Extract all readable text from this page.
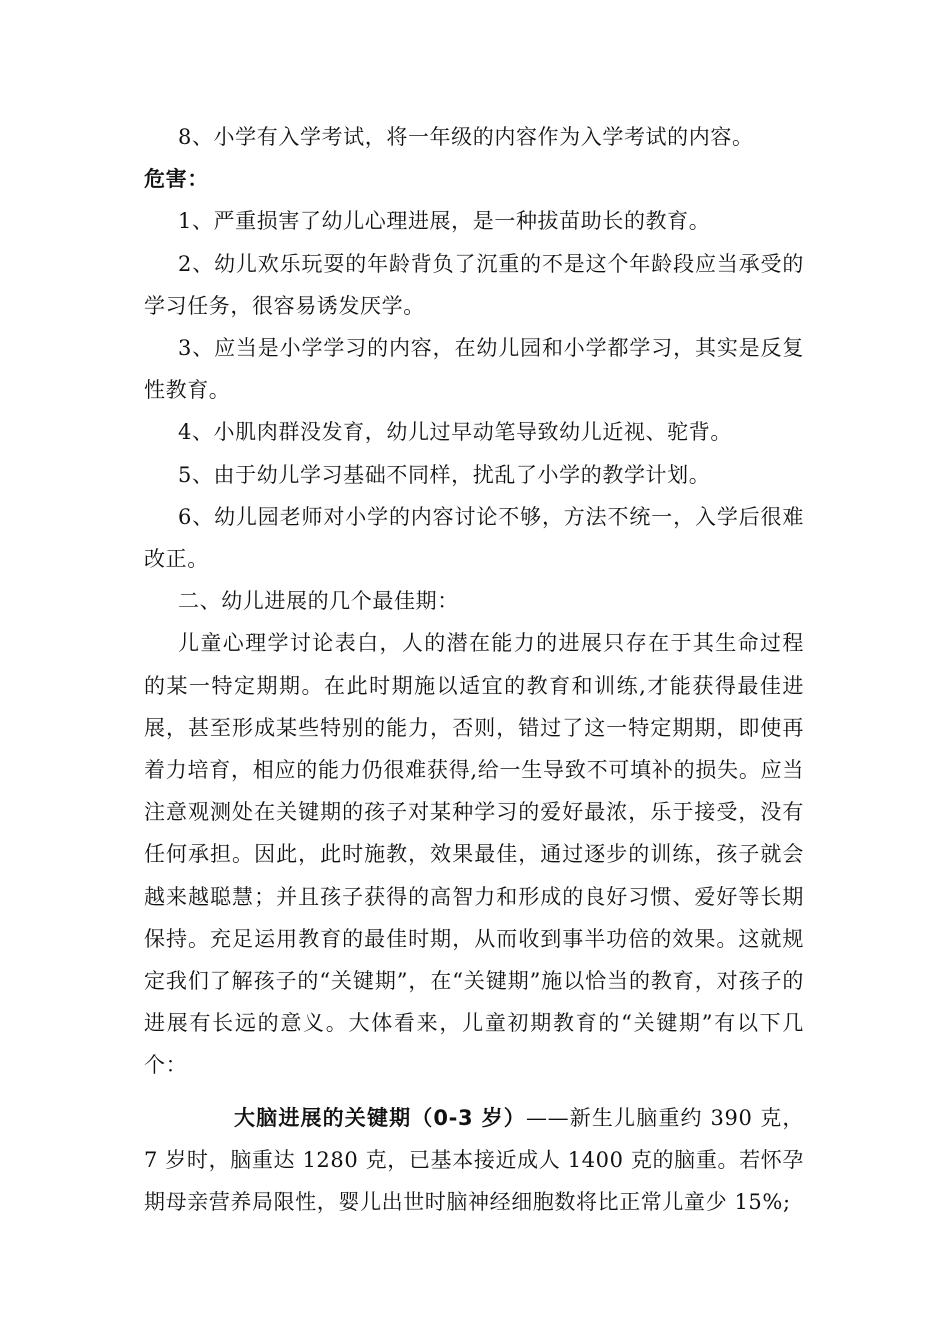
8、小学有入学考试，将一年级的内容作为入学考试的内容。

危害：

1、严重损害了幼儿心理进展，是一种拔苗助长的教育。

2、幼儿欢乐玩耍的年龄背负了沉重的不是这个年龄段应当承受的学习任务，很容易诱发厌学。

3、应当是小学学习的内容，在幼儿园和小学都学习，其实是反复性教育。

4、小肌肉群没发育，幼儿过早动笔导致幼儿近视、驼背。

5、由于幼儿学习基础不同样，扰乱了小学的教学计划。

6、幼儿园老师对小学的内容讨论不够，方法不统一，入学后很难改正。

二、幼儿进展的几个最佳期：

儿童心理学讨论表白，人的潜在能力的进展只存在于其生命过程的某一特定期期。在此时期施以适宜的教育和训练,才能获得最佳进展，甚至形成某些特别的能力，否则，错过了这一特定期期，即使再着力培育，相应的能力仍很难获得,给一生导致不可填补的损失。应当注意观测处在关键期的孩子对某种学习的爱好最浓，乐于接受，没有任何承担。因此，此时施教，效果最佳，通过逐步的训练，孩子就会越来越聪慧；并且孩子获得的高智力和形成的良好习惯、爱好等长期保持。充足运用教育的最佳时期，从而收到事半功倍的效果。这就规定我们了解孩子的“关键期”，在“关键期”施以恰当的教育，对孩子的进展有长远的意义。大体看来，儿童初期教育的“关键期”有以下几个：

大脑进展的关键期（0-3 岁）——新生儿脑重约 390 克，7 岁时，脑重达 1280 克，已基本接近成人 1400 克的脑重。若怀孕期母亲营养局限性，婴儿出世时脑神经细胞数将比正常儿童少 15%;
